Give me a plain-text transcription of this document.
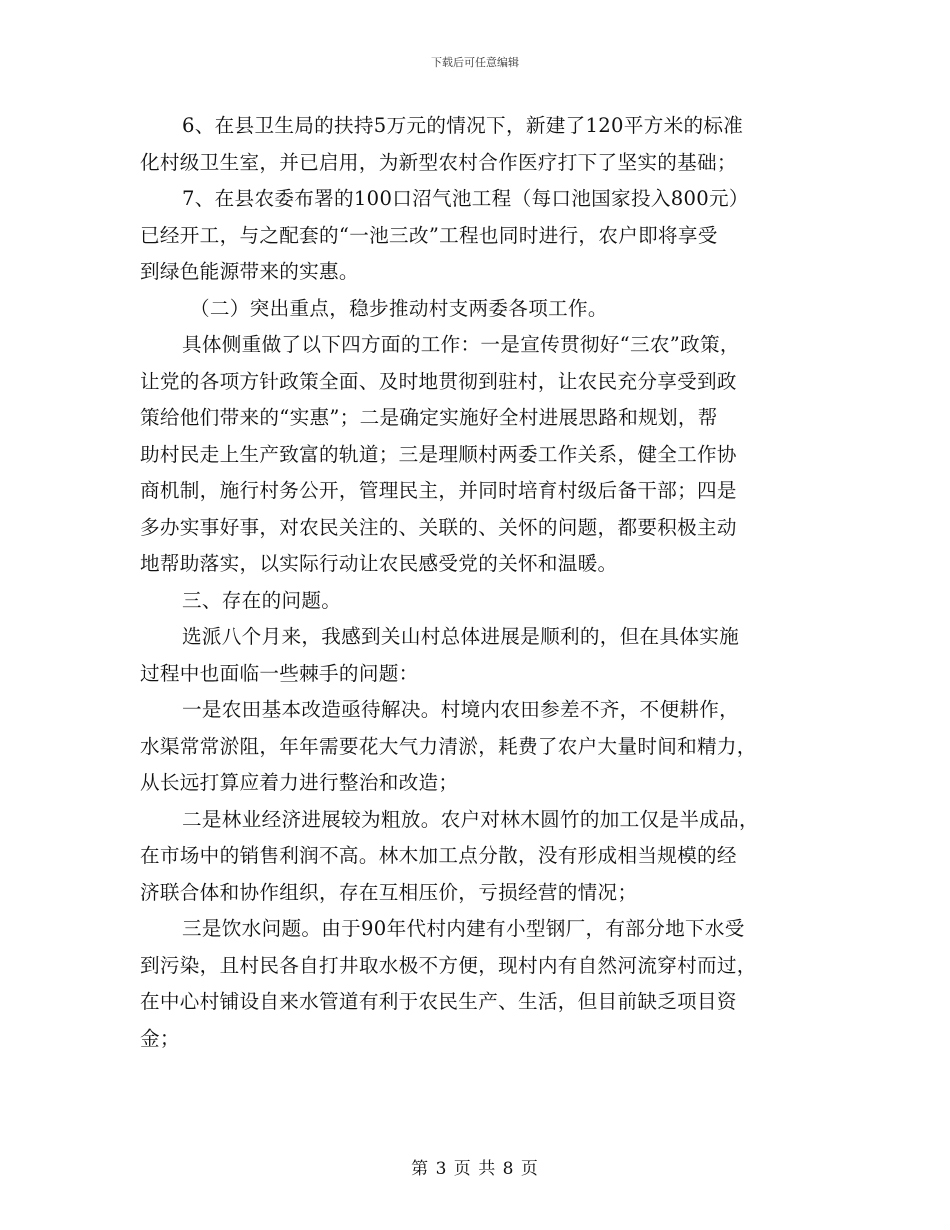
下载后可任意编辑
6、在县卫生局的扶持5万元的情况下，新建了120平方米的标准
化村级卫生室，并已启用，为新型农村合作医疗打下了坚实的基础；
7、在县农委布署的100口沼气池工程（每口池国家投入800元）
已经开工，与之配套的“一池三改”工程也同时进行，农户即将享受
到绿色能源带来的实惠。
（二）突出重点，稳步推动村支两委各项工作。
具体侧重做了以下四方面的工作：一是宣传贯彻好“三农”政策，
让党的各项方针政策全面、及时地贯彻到驻村，让农民充分享受到政
策给他们带来的“实惠”；二是确定实施好全村进展思路和规划，帮
助村民走上生产致富的轨道；三是理顺村两委工作关系，健全工作协
商机制，施行村务公开，管理民主，并同时培育村级后备干部；四是
多办实事好事，对农民关注的、关联的、关怀的问题，都要积极主动
地帮助落实，以实际行动让农民感受党的关怀和温暖。
三、存在的问题。
选派八个月来，我感到关山村总体进展是顺利的，但在具体实施
过程中也面临一些棘手的问题：
一是农田基本改造亟待解决。村境内农田参差不齐，不便耕作，
水渠常常淤阻，年年需要花大气力清淤，耗费了农户大量时间和精力，
从长远打算应着力进行整治和改造；
二是林业经济进展较为粗放。农户对林木圆竹的加工仅是半成品，
在市场中的销售利润不高。林木加工点分散，没有形成相当规模的经
济联合体和协作组织，存在互相压价，亏损经营的情况；
三是饮水问题。由于90年代村内建有小型钢厂，有部分地下水受
到污染，且村民各自打井取水极不方便，现村内有自然河流穿村而过，
在中心村铺设自来水管道有利于农民生产、生活，但目前缺乏项目资
金；
第 3 页 共 8 页
